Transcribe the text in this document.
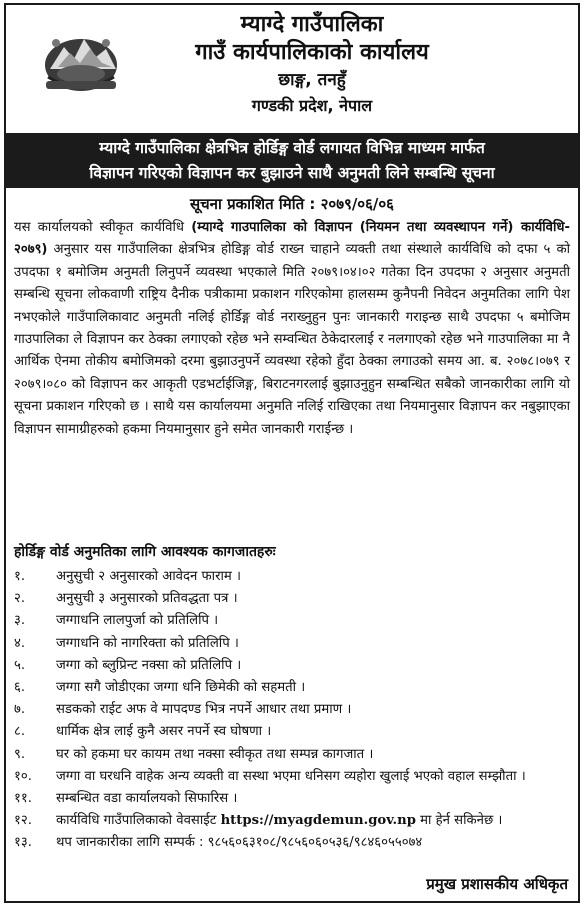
म्याग्दे गाउँपालिका
गाउँ कार्यपालिकाको कार्यालय
छाङ्ग, तनहुँ
गण्डकी प्रदेश, नेपाल
म्याग्दे गाउँपालिका क्षेत्रभित्र होर्डिङ्ग वोर्ड लगायत विभिन्न माध्यम मार्फत
विज्ञापन गरिएको विज्ञापन कर बुझाउने साथै अनुमती लिने सम्बन्धि सूचना
सूचना प्रकाशित मिति : २०७९/०६/०६
यस कार्यालयको स्वीकृत कार्यविधि (म्याग्दे गाउपालिका को विज्ञापन (नियमन तथा व्यवस्थापन गर्ने) कार्यविधि- २०७९) अनुसार यस गाउँपालिका क्षेत्रभित्र होडिङ्ग वोर्ड राख्न चाहाने व्यक्ती तथा संस्थाले कार्यविधि को दफा ५ को उपदफा १ बमोजिम अनुमती लिनुपर्ने व्यवस्था भएकाले मिति २०७९।०४।०२ गतेका दिन उपदफा २ अनुसार अनुमती सम्बन्धि सूचना लोकवाणी राष्ट्रिय दैनीक पत्रीकामा प्रकाशन गरिएकोमा हालसम्म कुनैपनी निवेदन अनुमतिका लागि पेश नभएकोले गाउँपालिकावाट अनुमती नलिई होर्डिङ्ग वोर्ड नराख्नुहुन पुनः जानकारी गराइन्छ साथै उपदफा ५ बमोजिम गाउपालिका ले विज्ञापन कर ठेक्का लगाएको रहेछ भने सम्वन्धित ठेकेदारलाई र नलगाएको रहेछ भने गाउपालिका मा नै आर्थिक ऐनमा तोकीय बमोजिमको दरमा बुझाउनुपर्ने व्यवस्था रहेको हुँदा ठेक्का लगाउको समय आ. ब. २०७८।०७९ र २०७९।०८० को विज्ञापन कर आकृती एडभर्टाईजिङ्ग, बिराटनगरलाई बुझाउनुहुन सम्बन्धित सबैको जानकारीका लागि यो सूचना प्रकाशन गरिएको छ । साथै यस कार्यालयमा अनुमति नलिई राखिएका तथा नियमानुसार विज्ञापन कर नबुझाएका विज्ञापन सामाग्रीहरुको हकमा नियमानुसार हुने समेत जानकारी गराईन्छ ।
होर्डिङ्ग वोर्ड अनुमतिका लागि आवश्यक कागजातहरुः
१.	अनुसुची २ अनुसारको आवेदन फाराम ।
२.	अनुसुची ३ अनुसारको प्रतिवद्धता पत्र ।
३.	जग्गाधनि लालपुर्जा को प्रतिलिपि ।
४.	जग्गाधनि को नागरिक्ता को प्रतिलिपि ।
५.	जग्गा को ब्लुप्रिन्ट नक्सा को प्रतिलिपि ।
६.	जग्गा सगै जोडीएका जग्गा धनि छिमेकी को सहमती ।
७.	सडकको राईट अफ वे मापदण्ड भित्र नपर्ने आधार तथा प्रमाण ।
८.	धार्मिक क्षेत्र लाई कुनै असर नपर्ने स्व घोषणा ।
९.	घर को हकमा घर कायम तथा नक्सा स्वीकृत तथा सम्पन्न कागजात ।
१०.	जग्गा वा घरधनि वाहेक अन्य व्यक्ती वा सस्था भएमा धनिसग व्यहोरा खुलाई भएको वहाल सम्झौता ।
११.	सम्बन्धित वडा कार्यालयको सिफारिस ।
१२.	कार्यविधि गाउँपालिकाको वेवसाईट https://myagdemun.gov.np मा हेर्न सकिनेछ ।
१३.	थप जानकारीका लागि सम्पर्क : ९८५६०६३१०८/९८५६०६०५३६/९८४६०५५०७४
प्रमुख प्रशासकीय अधिकृत
